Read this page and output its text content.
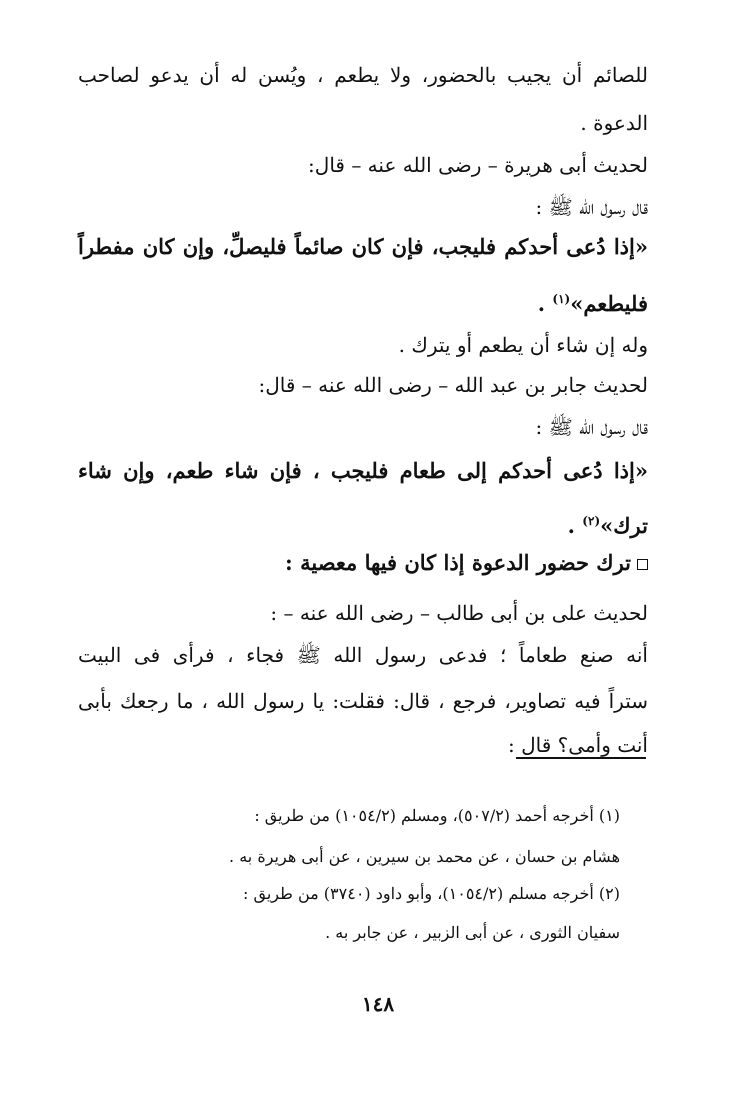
للصائم أن يجيب بالحضور، ولا يطعم ، ويُسن له أن يدعو لصاحب
الدعوة .
لحديث أبى هريرة – رضى الله عنه – قال:
قال رسول الله ﷺ :
«إذا دُعى أحدكم فليجب، فإن كان صائماً فليصلِّ، وإن كان مفطراً
فليطعم»$^{(١)}$ .
وله إن شاء أن يطعم أو يترك .
لحديث جابر بن عبد الله – رضى الله عنه – قال:
قال رسول الله ﷺ :
«إذا دُعى أحدكم إلى طعام فليجب ، فإن شاء طعم، وإن شاء
ترك»$^{(٢)}$ .
ترك حضور الدعوة إذا كان فيها معصية :
لحديث على بن أبى طالب – رضى الله عنه – :
أنه صنع طعاماً ؛ فدعى رسول الله ﷺ فجاء ، فرأى فى البيت
ستراً فيه تصاوير، فرجع ، قال: فقلت: يا رسول الله ، ما رجعك بأبى
أنت وأمى؟ قال :
(١) أخرجه أحمد (٥٠٧/٢)، ومسلم (١٠٥٤/٢) من طريق :
هشام بن حسان ، عن محمد بن سيرين ، عن أبى هريرة به .
(٢) أخرجه مسلم (١٠٥٤/٢)، وأبو داود (٣٧٤٠) من طريق :
سفيان الثورى ، عن أبى الزبير ، عن جابر به .
١٤٨
